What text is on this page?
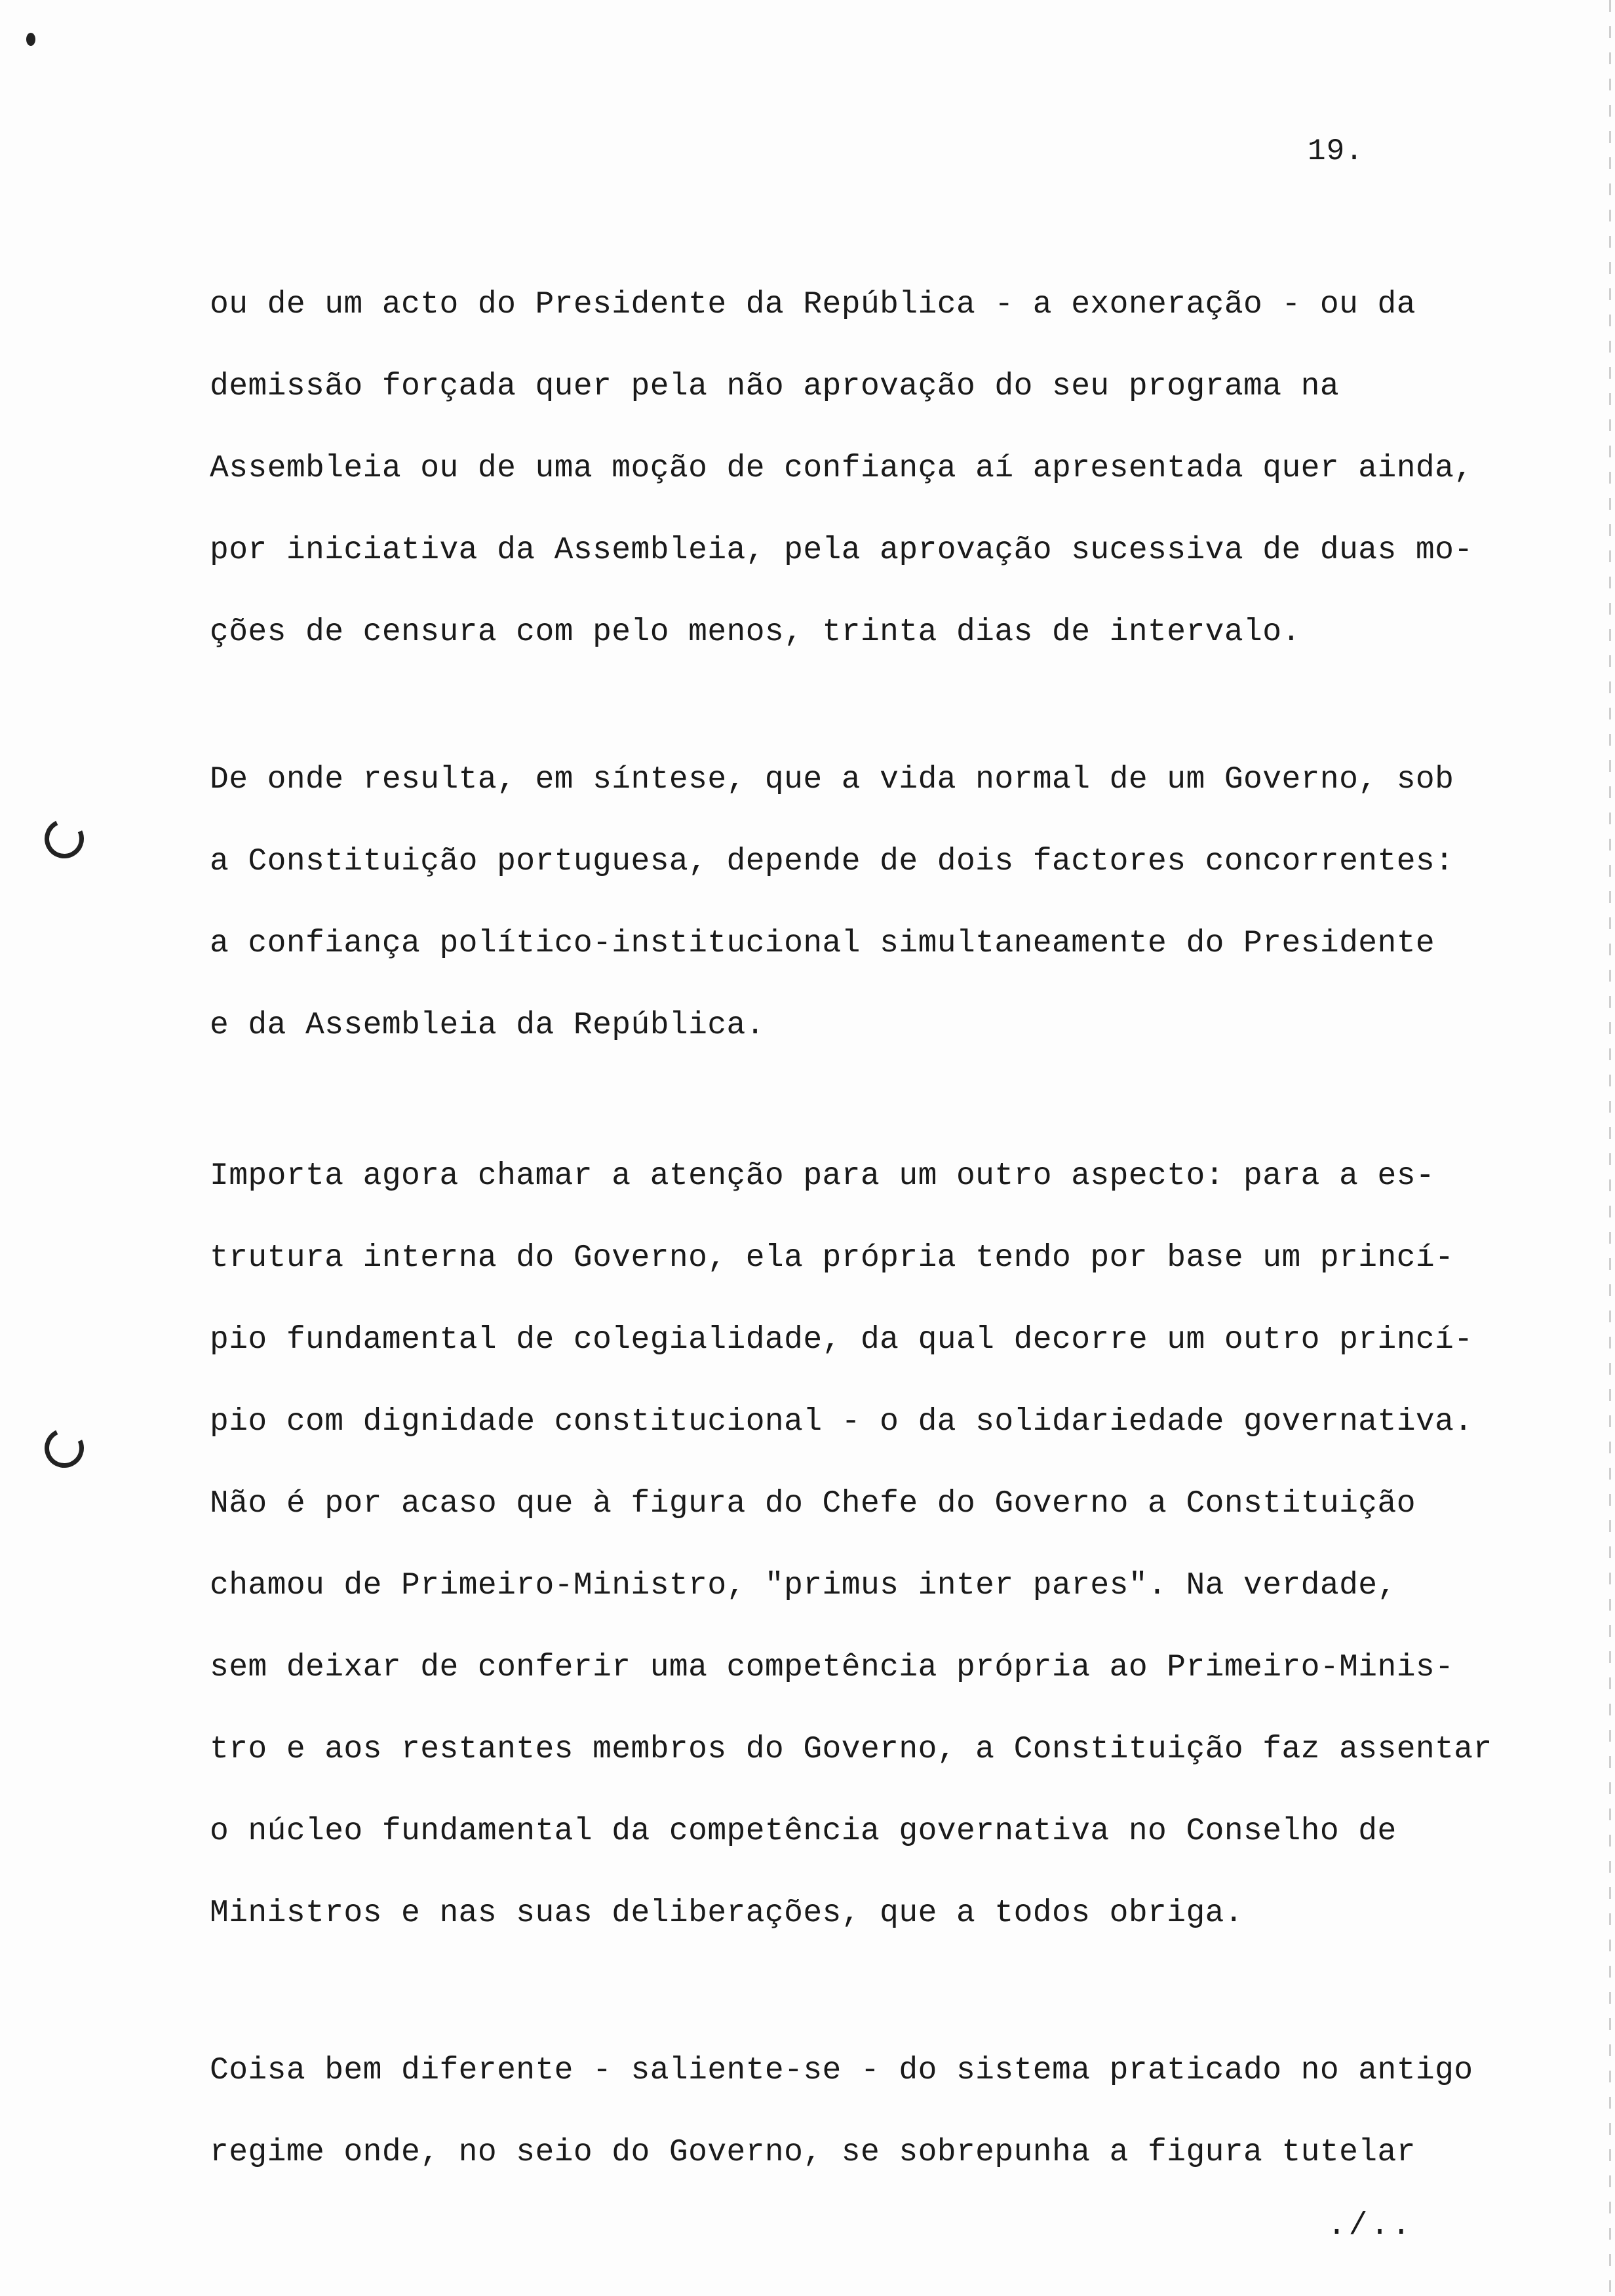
19.
ou de um acto do Presidente da República - a exoneração - ou da
demissão forçada quer pela não aprovação do seu programa na
Assembleia ou de uma moção de confiança aí apresentada quer ainda,
por iniciativa da Assembleia, pela aprovação sucessiva de duas mo-
ções de censura com pelo menos, trinta dias de intervalo.
De onde resulta, em síntese, que a vida normal de um Governo, sob
a Constituição portuguesa, depende de dois factores concorrentes:
a confiança político-institucional simultaneamente do Presidente
e da Assembleia da República.
Importa agora chamar a atenção para um outro aspecto: para a es-
trutura interna do Governo, ela própria tendo por base um princí-
pio fundamental de colegialidade, da qual decorre um outro princí-
pio com dignidade constitucional - o da solidariedade governativa.
Não é por acaso que à figura do Chefe do Governo a Constituição
chamou de Primeiro-Ministro, "primus inter pares". Na verdade,
sem deixar de conferir uma competência própria ao Primeiro-Minis-
tro e aos restantes membros do Governo, a Constituição faz assentar
o núcleo fundamental da competência governativa no Conselho de
Ministros e nas suas deliberações, que a todos obriga.
Coisa bem diferente - saliente-se - do sistema praticado no antigo
regime onde, no seio do Governo, se sobrepunha a figura tutelar
./..
